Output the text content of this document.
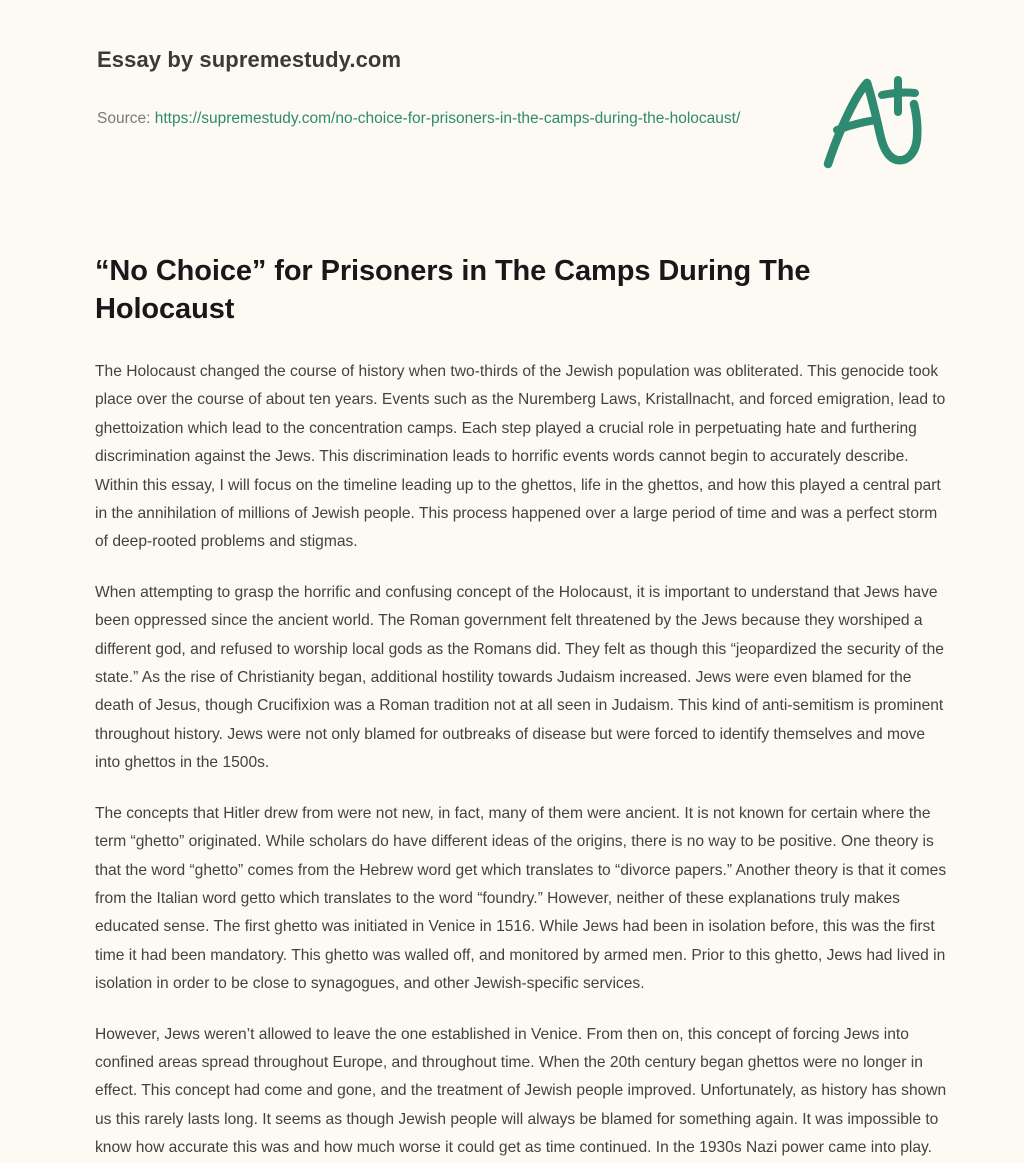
Essay by supremestudy.com
Source: https://supremestudy.com/no-choice-for-prisoners-in-the-camps-during-the-holocaust/
“No Choice” for Prisoners in The Camps During The Holocaust

The Holocaust changed the course of history when two-thirds of the Jewish population was obliterated. This genocide took place over the course of about ten years. Events such as the Nuremberg Laws, Kristallnacht, and forced emigration, lead to ghettoization which lead to the concentration camps. Each step played a crucial role in perpetuating hate and furthering discrimination against the Jews. This discrimination leads to horrific events words cannot begin to accurately describe. Within this essay, I will focus on the timeline leading up to the ghettos, life in the ghettos, and how this played a central part in the annihilation of millions of Jewish people. This process happened over a large period of time and was a perfect storm of deep-rooted problems and stigmas.

When attempting to grasp the horrific and confusing concept of the Holocaust, it is important to understand that Jews have been oppressed since the ancient world. The Roman government felt threatened by the Jews because they worshiped a different god, and refused to worship local gods as the Romans did. They felt as though this “jeopardized the security of the state.” As the rise of Christianity began, additional hostility towards Judaism increased. Jews were even blamed for the death of Jesus, though Crucifixion was a Roman tradition not at all seen in Judaism. This kind of anti-semitism is prominent throughout history. Jews were not only blamed for outbreaks of disease but were forced to identify themselves and move into ghettos in the 1500s.

The concepts that Hitler drew from were not new, in fact, many of them were ancient. It is not known for certain where the term “ghetto” originated. While scholars do have different ideas of the origins, there is no way to be positive. One theory is that the word “ghetto” comes from the Hebrew word get which translates to “divorce papers.” Another theory is that it comes from the Italian word getto which translates to the word “foundry.” However, neither of these explanations truly makes educated sense. The first ghetto was initiated in Venice in 1516. While Jews had been in isolation before, this was the first time it had been mandatory. This ghetto was walled off, and monitored by armed men. Prior to this ghetto, Jews had lived in isolation in order to be close to synagogues, and other Jewish-specific services.

However, Jews weren’t allowed to leave the one established in Venice. From then on, this concept of forcing Jews into confined areas spread throughout Europe, and throughout time. When the 20th century began ghettos were no longer in effect. This concept had come and gone, and the treatment of Jewish people improved. Unfortunately, as history has shown us this rarely lasts long. It seems as though Jewish people will always be blamed for something again. It was impossible to know how accurate this was and how much worse it could get as time continued. In the 1930s Nazi power came into play.
